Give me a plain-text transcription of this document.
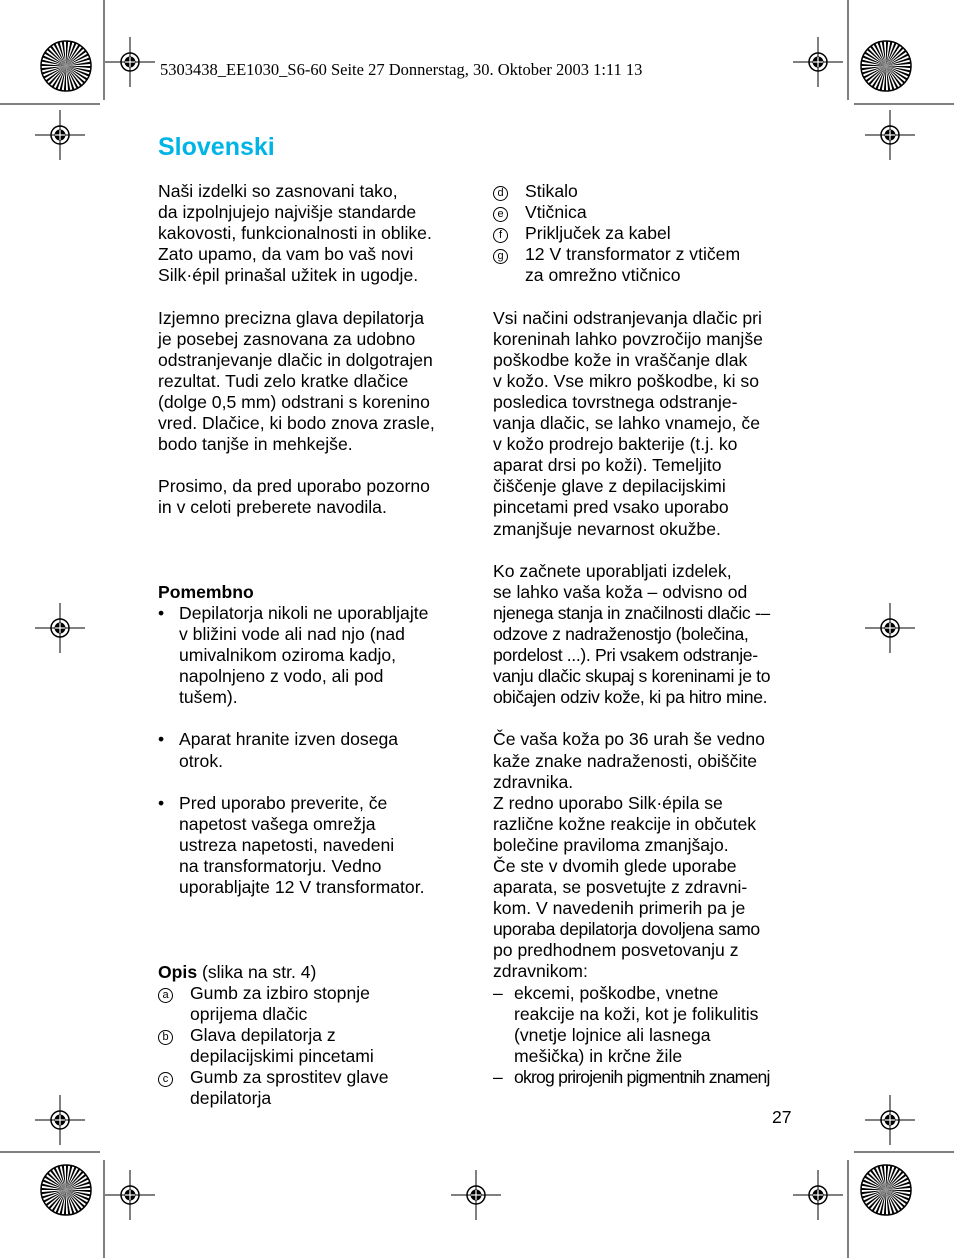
5303438_EE1030_S6-60 Seite 27 Donnerstag, 30. Oktober 2003 1:11 13
Slovenski

Naši izdelki so zasnovani tako,

da izpolnjujejo najvišje standarde

kakovosti, funkcionalnosti in oblike.

Zato upamo, da vam bo vaš novi

Silk·épil prinašal užitek in ugodje.

Izjemno precizna glava depilatorja

je posebej zasnovana za udobno

odstranjevanje dlačic in dolgotrajen

rezultat. Tudi zelo kratke dlačice

(dolge 0,5 mm) odstrani s korenino

vred. Dlačice, ki bodo znova zrasle,

bodo tanjše in mehkejše.

Prosimo, da pred uporabo pozorno

in v celoti preberete navodila.

Pomembno

• Depilatorja nikoli ne uporabljajte

v bližini vode ali nad njo (nad

umivalnikom oziroma kadjo,

napolnjeno z vodo, ali pod

tušem).

• Aparat hranite izven dosega

otrok.

• Pred uporabo preverite, če

napetost vašega omrežja

ustreza napetosti, navedeni

na transformatorju. Vedno

uporabljajte 12 V transformator.

Opis (slika na str. 4)

a	Gumb za izbiro stopnje

oprijema dlačic

b	Glava depilatorja z

depilacijskimi pincetami

c	Gumb za sprostitev glave

depilatorja

d	Stikalo

e	Vtičnica

f	Priključek za kabel

g	12 V transformator z vtičem

za omrežno vtičnico

Vsi načini odstranjevanja dlačic pri

koreninah lahko povzročijo manjše

poškodbe kože in vraščanje dlak

v kožo. Vse mikro poškodbe, ki so

posledica tovrstnega odstranje-

vanja dlačic, se lahko vnamejo, če

v kožo prodrejo bakterije (t.j. ko

aparat drsi po koži). Temeljito

čiščenje glave z depilacijskimi

pincetami pred vsako uporabo

zmanjšuje nevarnost okužbe.

Ko začnete uporabljati izdelek,

se lahko vaša koža – odvisno od

njenega stanja in značilnosti dlačic -–

odzove z nadraženostjo (bolečina,

pordelost ...). Pri vsakem odstranje-

vanju dlačic skupaj s koreninami je to

običajen odziv kože, ki pa hitro mine.

Če vaša koža po 36 urah še vedno

kaže znake nadraženosti, obiščite

zdravnika.

Z redno uporabo Silk·épila se

različne kožne reakcije in občutek

bolečine praviloma zmanjšajo.

Če ste v dvomih glede uporabe

aparata, se posvetujte z zdravni-

kom. V navedenih primerih pa je

uporaba depilatorja dovoljena samo

po predhodnem posvetovanju z

zdravnikom:

– ekcemi, poškodbe, vnetne

reakcije na koži, kot je folikulitis

(vnetje lojnice ali lasnega

mešička) in krčne žile

– okrog prirojenih pigmentnih znamenj

27
